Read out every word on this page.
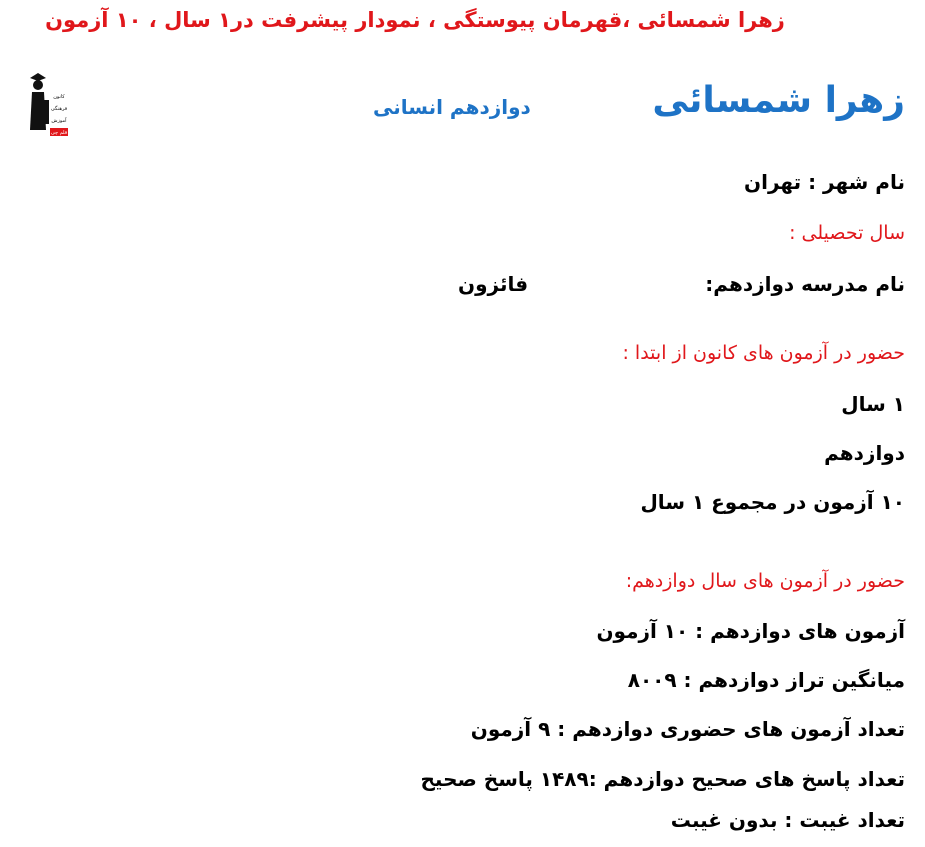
زهرا شمسائی ،قهرمان پیوستگی ، نمودار پیشرفت در۱ سال ، ۱۰ آزمون
قلم چی
کانون
فرهنگی
آموزش	زهرا شمسائی
دوازدهم انسانی
نام شهر : تهران
سال تحصیلی :
نام مدرسه دوازدهم:
فائزون
حضور در آزمون های کانون از ابتدا :
۱ سال
دوازدهم
۱۰ آزمون در مجموع ۱ سال
حضور در آزمون های سال دوازدهم:
آزمون های دوازدهم : ۱۰ آزمون
میانگین تراز دوازدهم : ۸۰۰۹
تعداد آزمون های حضوری دوازدهم : ۹ آزمون
تعداد پاسخ های صحیح دوازدهم :۱۴۸۹ پاسخ صحیح
تعداد غیبت : بدون غیبت
